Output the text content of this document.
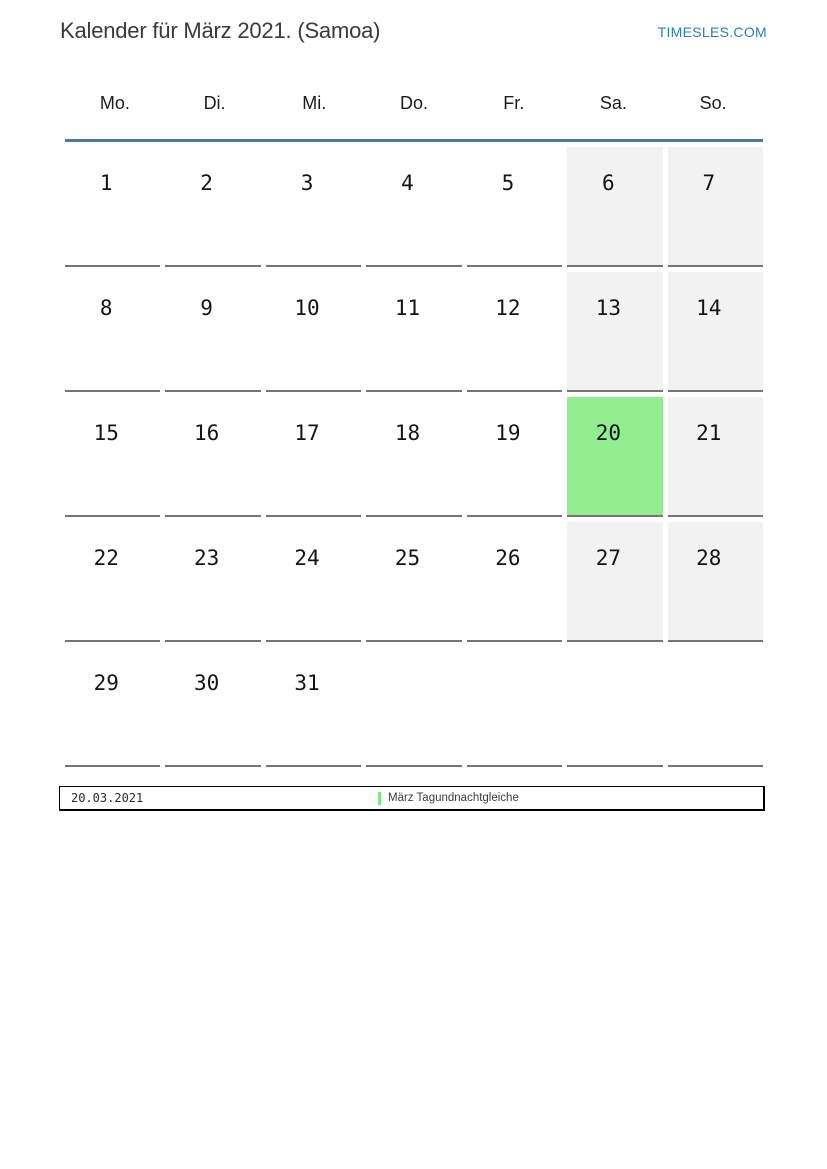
Kalender für März 2021. (Samoa)	TIMESLES.COM
Mo.	Di.	Mi.	Do.	Fr.	Sa.	So.
1	2	3	4	5	6	7
8	9	10	11	12	13	14
15	16	17	18	19	20	21
22	23	24	25	26	27	28
29	30	31
20.03.2021	März Tagundnachtgleiche
